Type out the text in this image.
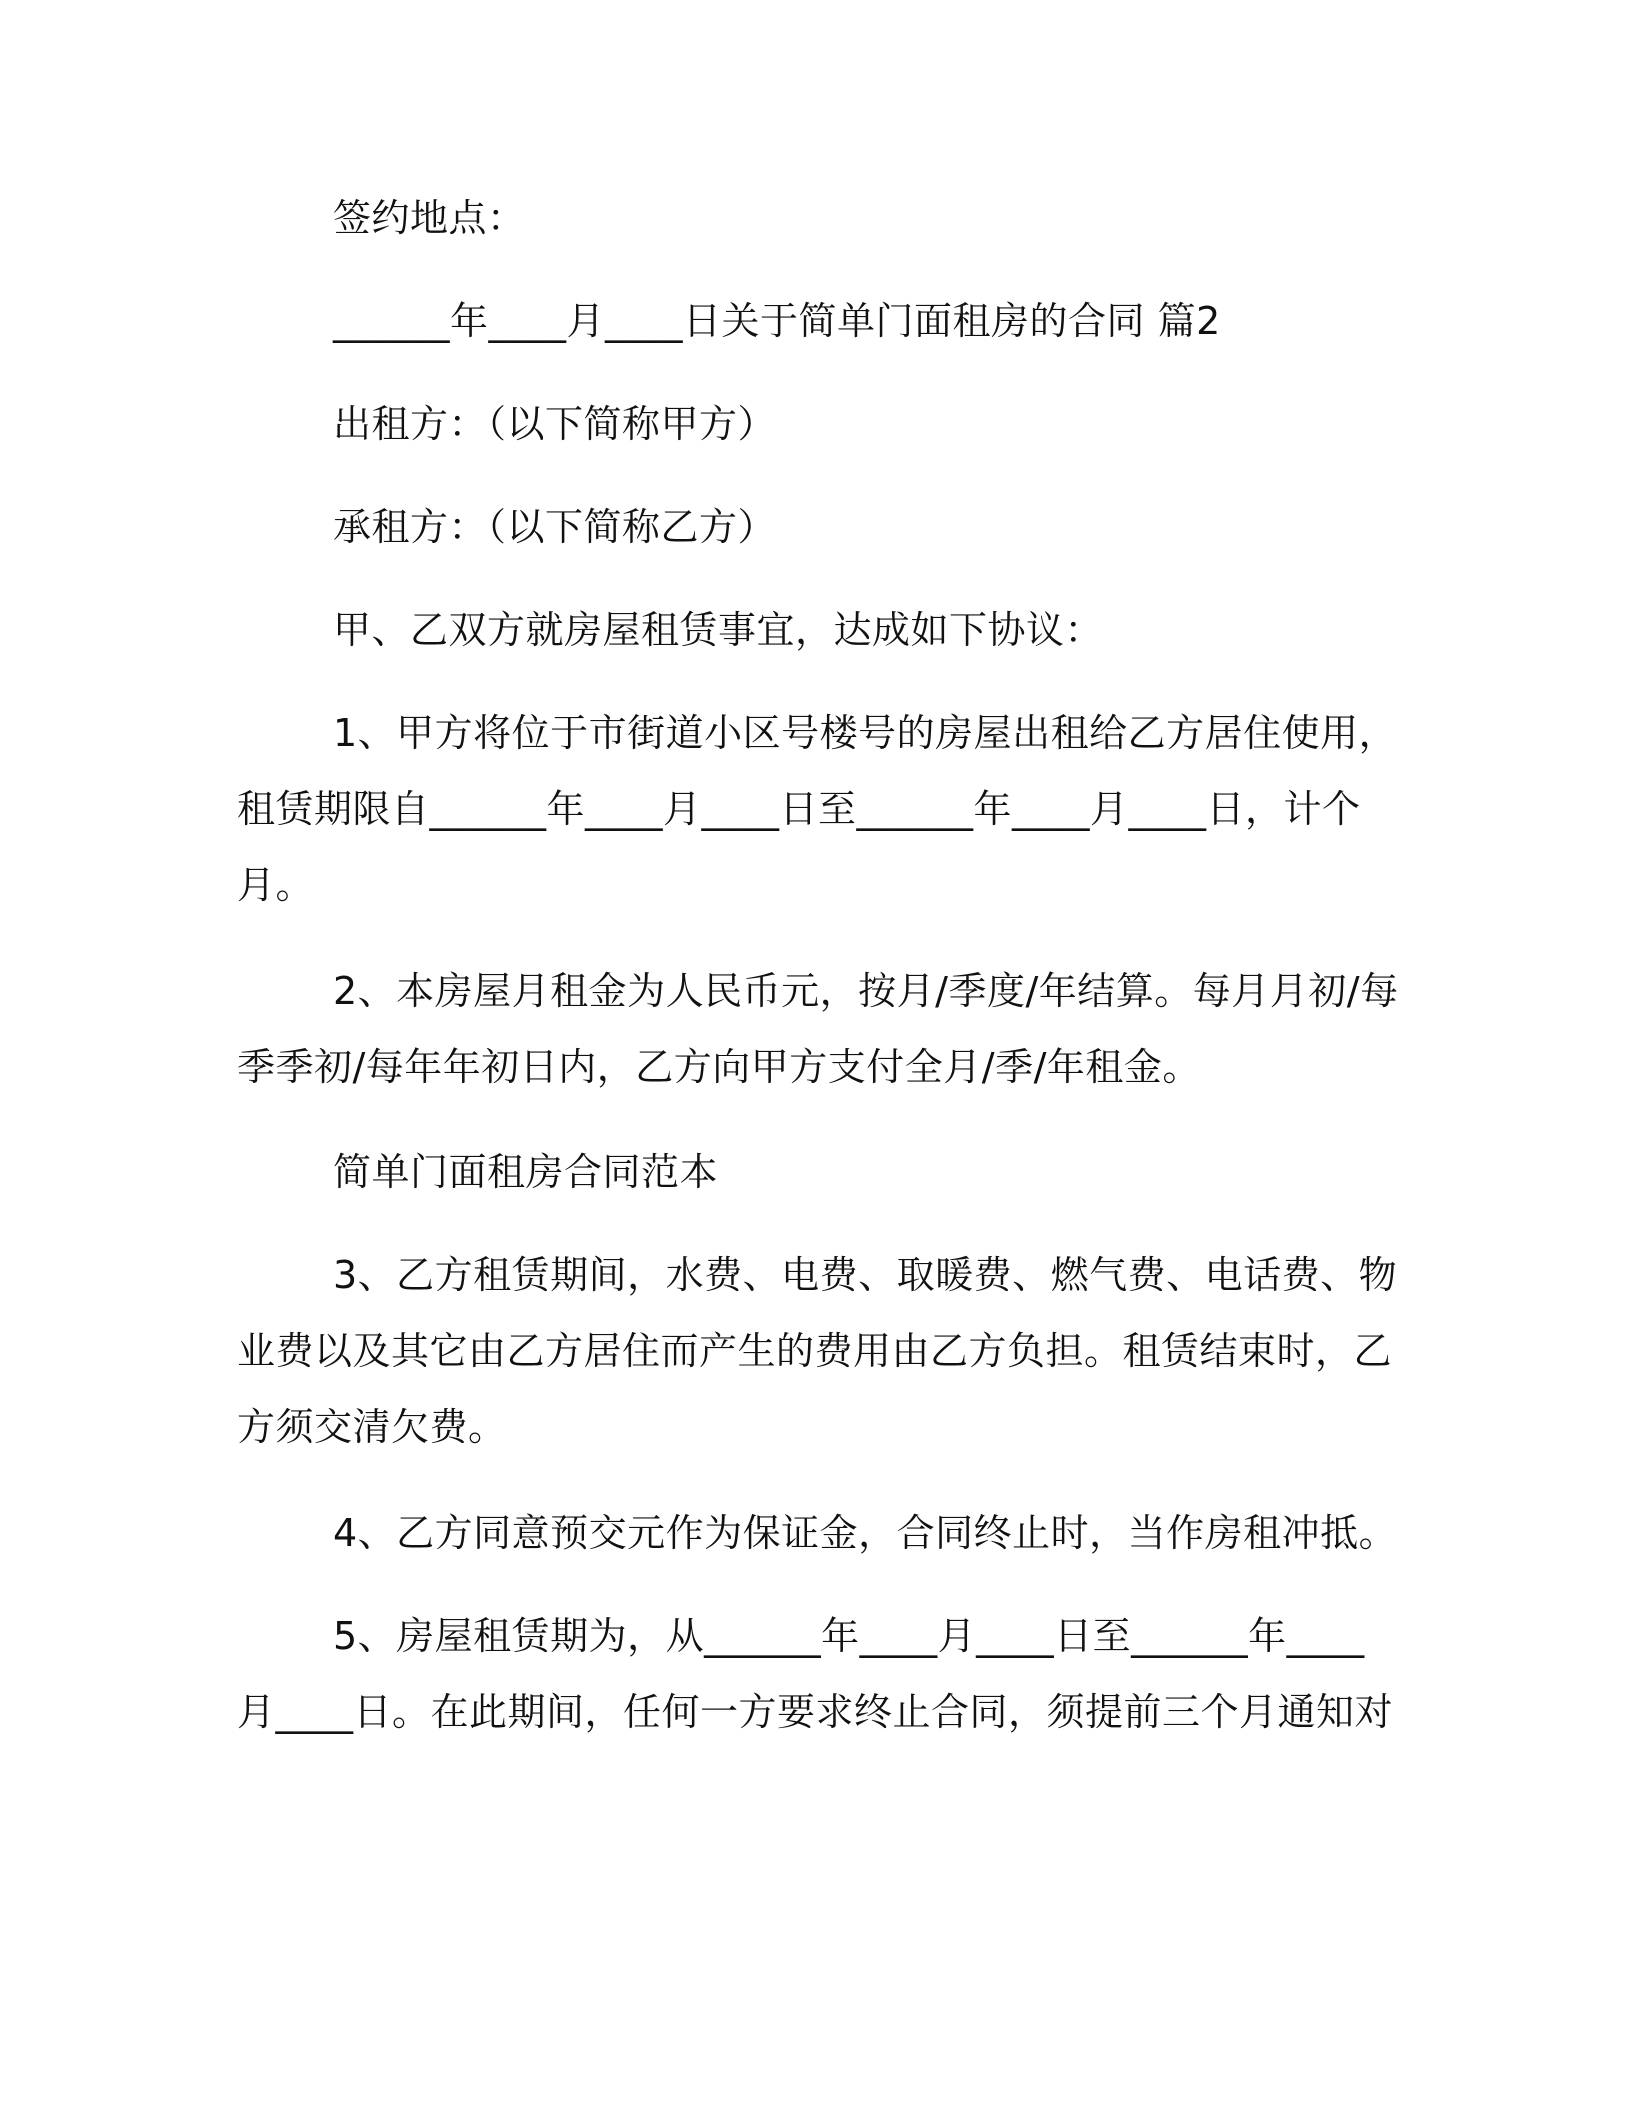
签约地点：
______年____月____日关于简单门面租房的合同 篇2
出租方：（以下简称甲方）
承租方：（以下简称乙方）
甲、乙双方就房屋租赁事宜，达成如下协议：
1、甲方将位于市街道小区号楼号的房屋出租给乙方居住使用，
租赁期限自______年____月____日至______年____月____日，计个
月。
2、本房屋月租金为人民币元，按月/季度/年结算。每月月初/每
季季初/每年年初日内，乙方向甲方支付全月/季/年租金。
简单门面租房合同范本
3、乙方租赁期间，水费、电费、取暖费、燃气费、电话费、物
业费以及其它由乙方居住而产生的费用由乙方负担。租赁结束时，乙
方须交清欠费。
4、乙方同意预交元作为保证金，合同终止时，当作房租冲抵。
5、房屋租赁期为，从______年____月____日至______年____
月____日。在此期间，任何一方要求终止合同，须提前三个月通知对
